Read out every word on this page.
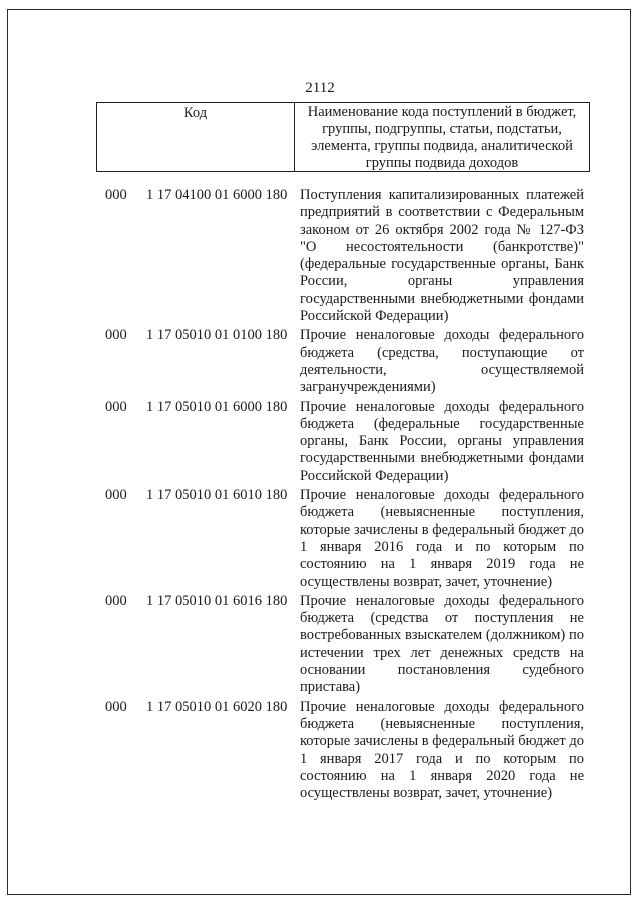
2112
Код	Наименование кода поступлений в бюджет, группы, подгруппы, статьи, подстатьи, элемента, группы подвида, аналитической группы подвида доходов
000 1 17 04100 01 6000 180 Поступления капитализированных платежей предприятий в соответствии с Федеральным законом от 26 октября 2002 года № 127-ФЗ "О несостоятельности (банкротстве)" (федеральные государственные органы, Банк России, органы управления государственными внебюджетными фондами Российской Федерации)
000 1 17 05010 01 0100 180 Прочие неналоговые доходы федерального бюджета (средства, поступающие от деятельности, осуществляемой загранучреждениями)
000 1 17 05010 01 6000 180 Прочие неналоговые доходы федерального бюджета (федеральные государственные органы, Банк России, органы управления государственными внебюджетными фондами Российской Федерации)
000 1 17 05010 01 6010 180 Прочие неналоговые доходы федерального бюджета (невыясненные поступления, которые зачислены в федеральный бюджет до 1 января 2016 года и по которым по состоянию на 1 января 2019 года не осуществлены возврат, зачет, уточнение)
000 1 17 05010 01 6016 180 Прочие неналоговые доходы федерального бюджета (средства от поступления не востребованных взыскателем (должником) по истечении трех лет денежных средств на основании постановления судебного пристава)
000 1 17 05010 01 6020 180 Прочие неналоговые доходы федерального бюджета (невыясненные поступления, которые зачислены в федеральный бюджет до 1 января 2017 года и по которым по состоянию на 1 января 2020 года не осуществлены возврат, зачет, уточнение)
